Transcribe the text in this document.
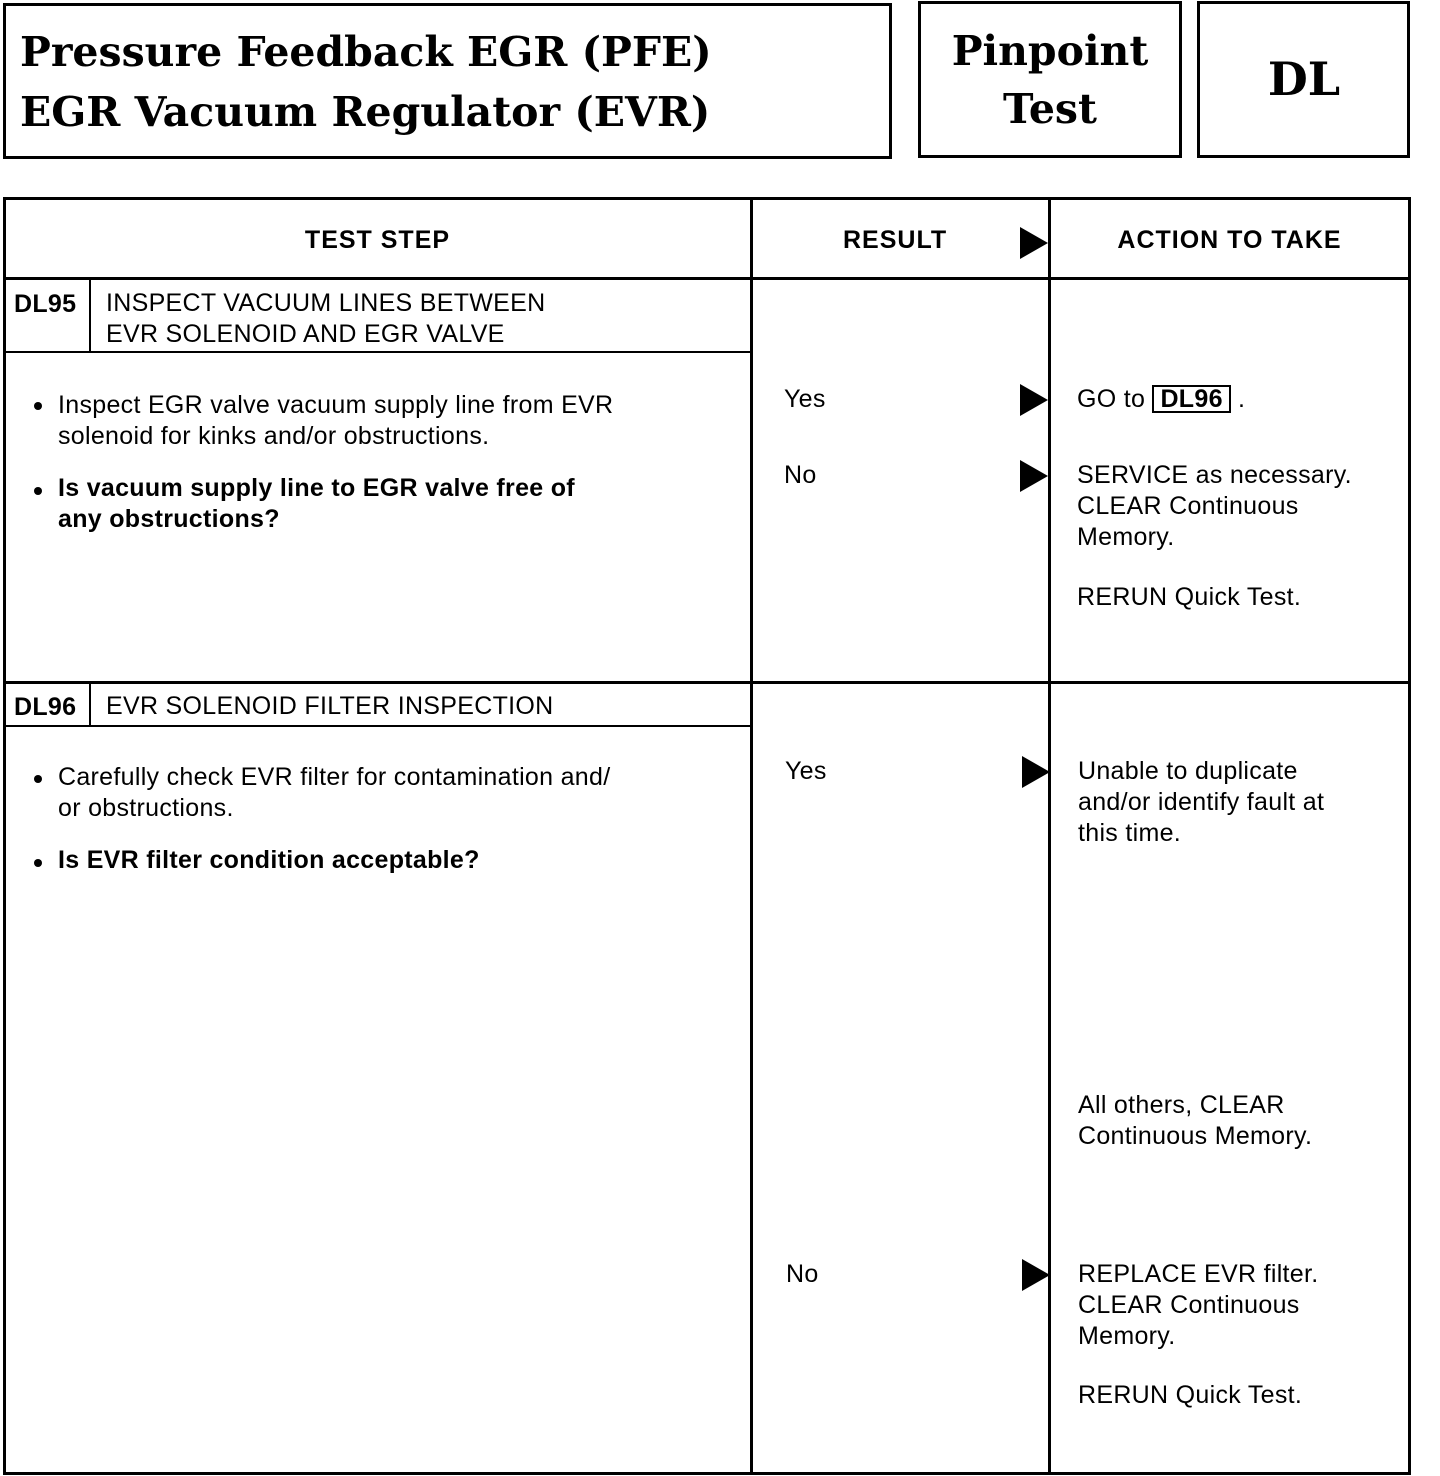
Pressure Feedback EGR (PFE)
EGR Vacuum Regulator (EVR)
Pinpoint
Test
DL
TEST STEP	RESULT	ACTION TO TAKE
DL95 INSPECT VACUUM LINES BETWEEN
EVR SOLENOID AND EGR VALVE
Inspect EGR valve vacuum supply line from EVR
solenoid for kinks and/or obstructions.
Is vacuum supply line to EGR valve free of
any obstructions?
Yes	GO to DL96 .
No	SERVICE as necessary.
CLEAR Continuous
Memory.
RERUN Quick Test.
DL96 EVR SOLENOID FILTER INSPECTION
Carefully check EVR filter for contamination and/
or obstructions.
Is EVR filter condition acceptable?
Yes	Unable to duplicate
and/or identify fault at
this time.
All others, CLEAR
Continuous Memory.
No	REPLACE EVR filter.
CLEAR Continuous
Memory.
RERUN Quick Test.
